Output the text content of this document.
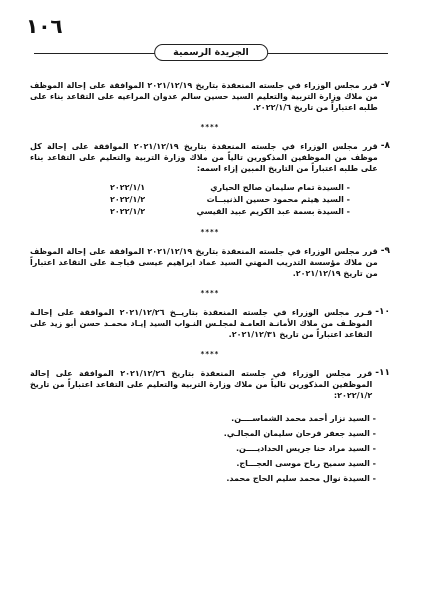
١٠٦
الجريدة الرسمية
٧-
قرر مجلس الوزراء في جلسته المنعقدة بتاريخ ٢٠٢١/١٢/١٩ الموافقة على إحالة الموظف من ملاك وزارة التربية والتعليم السيد حسين سالم عدوان المراعيه على التقاعد بناء على طلبه اعتباراً من تاريخ ٢٠٢٢/١/٦.
****
٨-
قرر مجلس الوزراء في جلسته المنعقدة بتاريخ ٢٠٢١/١٢/١٩ الموافقة على إحالة كل موظف من الموظفين المذكورين تالياً من ملاك وزارة التربية والتعليم على التقاعد بناء على طلبه اعتباراً من التاريخ المبين إزاء اسمه:
- السيدة تمام سليمان صالح الحياري
٢٠٢٢/١/١
- السيد هيثم محمود حسين الذنيبــات
٢٠٢٢/١/٢
- السيدة بسمة عبد الكريم عبيد القيسي
٢٠٢٢/١/٢
****
٩-
قرر مجلس الوزراء في جلسته المنعقدة بتاريخ ٢٠٢١/١٢/١٩ الموافقة على إحالة الموظف من ملاك مؤسسة التدريب المهني السيد عماد ابراهيم عيسى قباجـة على التقاعد اعتباراً من تاريخ ٢٠٢١/١٢/١٩.
****
١٠-
قـرر مجلس الوزراء في جلسته المنعقدة بتاريــخ ٢٠٢١/١٢/٢٦ الموافقة على إحالـة الموظـف من ملاك الأمانـة العامـة لمجلـس النـواب السيد إيـاد محمـد حسن أبو زيد على التقاعد اعتباراً من تاريخ ٢٠٢١/١٢/٣١.
****
١١-
قرر مجلس الوزراء في جلسته المنعقدة بتاريخ ٢٠٢١/١٢/٢٦ الموافقة على إحالة الموظفين المذكورين تالياً من ملاك وزارة التربية والتعليم على التقاعد اعتباراً من تاريخ ٢٠٢٢/١/٢:
- السيد نزار أحمد محمد الشماســــن.
- السيد جعفر فرحان سليمان المجالـي.
- السيد مراد حنا جريس الحداديــــن.
- السيد سميح رباح موسى العجـــاج.
- السيدة نوال محمد سليم الحاج محمد.
